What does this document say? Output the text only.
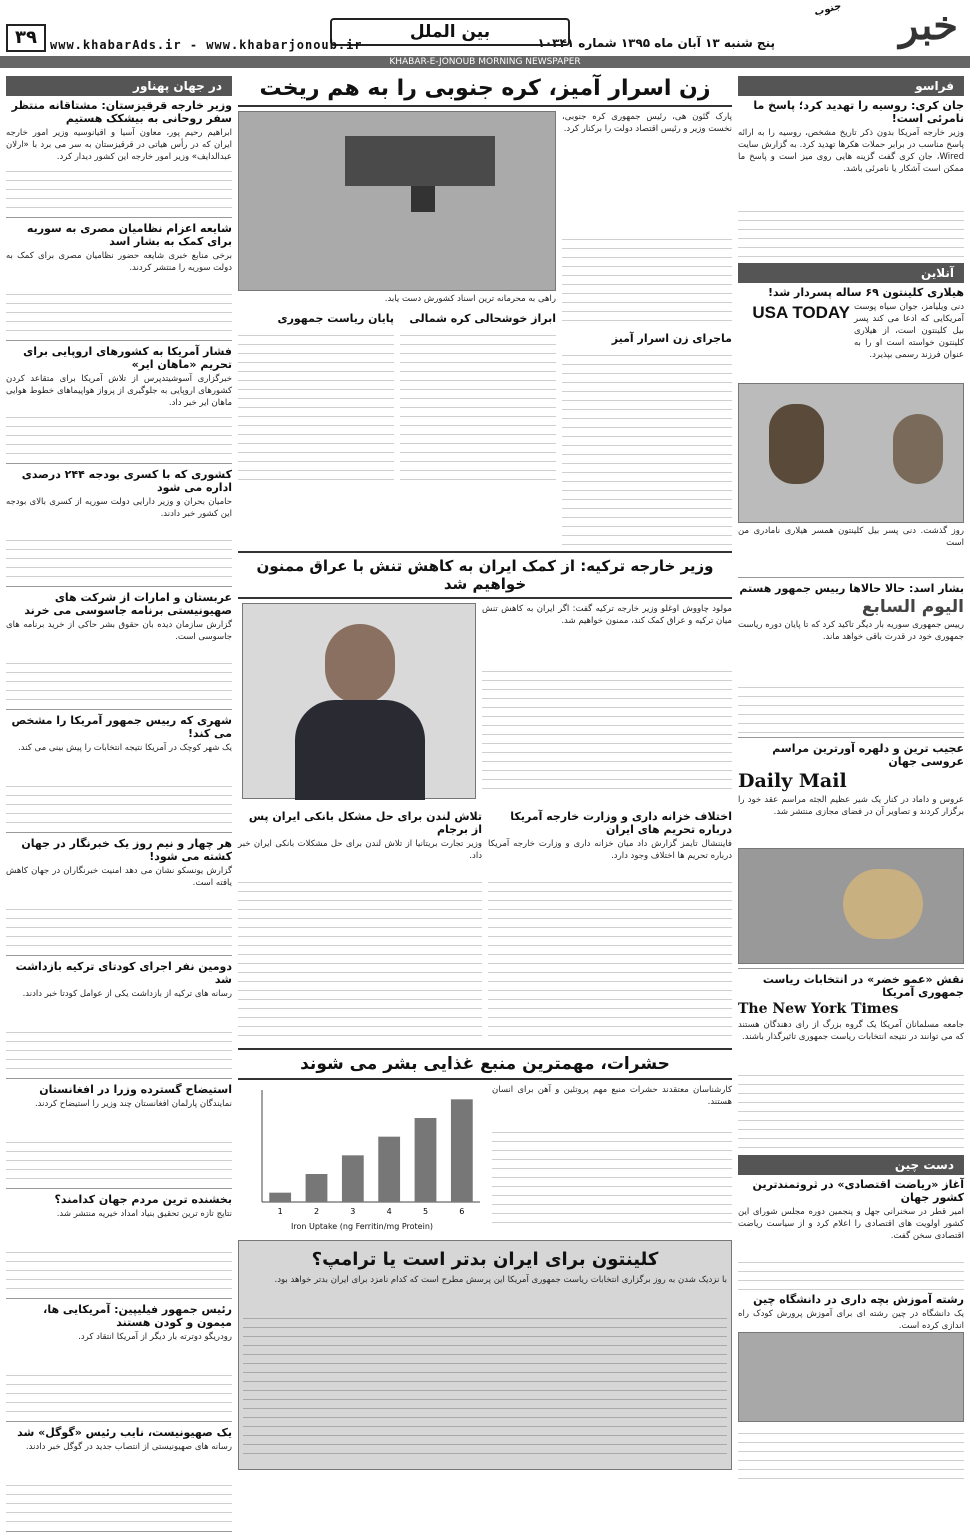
خبر
جنوب
پنج شنبه ۱۳ آبان ماه ۱۳۹۵ شماره ۱۰۳۴۱
بین الملل
www.khabarAds.ir - www.khabarjonoub.ir
۳۹
KHABAR-E-JONOUB MORNING NEWSPAPER
فراسو
جان کری: روسیه را تهدید کرد؛ پاسخ ما نامرئی است!
وزیر خارجه آمریکا بدون ذکر تاریخ مشخص، روسیه را به ارائه پاسخ مناسب در برابر حملات هکرها تهدید کرد. به گزارش سایت Wired، جان کری گفت گزینه هایی روی میز است و پاسخ ما ممکن است آشکار یا نامرئی باشد.
آنلاین
هیلاری کلینتون ۶۹ ساله پسردار شد!
دنی ویلیامز، جوان سیاه پوست آمریکایی که ادعا می کند پسر بیل کلینتون است، از هیلاری کلینتون خواسته است او را به عنوان فرزند رسمی بپذیرد.
USA TODAY
روز گذشت. دنی پسر بیل کلینتون همسر هیلاری نامادری من است
بشار اسد: حالا حالاها رییس جمهور هستم
اليوم السابع
رییس جمهوری سوریه بار دیگر تاکید کرد که تا پایان دوره ریاست جمهوری خود در قدرت باقی خواهد ماند.
عجیب ترین و دلهره آورترین مراسم عروسی جهان
Daily Mail
عروس و داماد در کنار یک شیر عظیم الجثه مراسم عقد خود را برگزار کردند و تصاویر آن در فضای مجازی منتشر شد.
نقش «عمو خضر» در انتخابات ریاست جمهوری آمریکا
The New York Times
جامعه مسلمانان آمریکا یک گروه بزرگ از رای دهندگان هستند که می توانند در نتیجه انتخابات ریاست جمهوری تاثیرگذار باشند.
دست چین
آغاز «ریاضت اقتصادی» در ثروتمندترین کشور جهان
امیر قطر در سخنرانی جهل و پنجمین دوره مجلس شورای این کشور اولویت های اقتصادی را اعلام کرد و از سیاست ریاضت اقتصادی سخن گفت.
رشته آموزش بچه داری در دانشگاه چین
یک دانشگاه در چین رشته ای برای آموزش پرورش کودک راه اندازی کرده است.
در جهان پهناور
وزیر خارجه قرقیزستان: مشتاقانه منتظر سفر روحانی به بیشکک هستیم
ابراهیم رحیم پور، معاون آسیا و اقیانوسیه وزیر امور خارجه ایران که در رأس هیاتی در قرقیزستان به سر می برد با «ارلان عبدالدایف» وزیر امور خارجه این کشور دیدار کرد.
شایعه اعزام نظامیان مصری به سوریه برای کمک به بشار اسد
برخی منابع خبری شایعه حضور نظامیان مصری برای کمک به دولت سوریه را منتشر کردند.
فشار آمریکا به کشورهای اروپایی برای تحریم «ماهان ایر»
خبرگزاری آسوشیتدپرس از تلاش آمریکا برای متقاعد کردن کشورهای اروپایی به جلوگیری از پرواز هواپیماهای خطوط هوایی ماهان ایر خبر داد.
کشوری که با کسری بودجه ۲۴۴ درصدی اداره می شود
حامیان بحران و وزیر دارایی دولت سوریه از کسری بالای بودجه این کشور خبر دادند.
عربستان و امارات از شرکت های صهیونیستی برنامه جاسوسی می خرند
گزارش سازمان دیده بان حقوق بشر حاکی از خرید برنامه های جاسوسی است.
شهری که رییس جمهور آمریکا را مشخص می کند!
یک شهر کوچک در آمریکا نتیجه انتخابات را پیش بینی می کند.
هر چهار و نیم روز یک خبرنگار در جهان کشته می شود!
گزارش یونسکو نشان می دهد امنیت خبرنگاران در جهان کاهش یافته است.
دومین نفر اجرای کودتای ترکیه بازداشت شد
رسانه های ترکیه از بازداشت یکی از عوامل کودتا خبر دادند.
استیضاح گسترده وزرا در افغانستان
نمایندگان پارلمان افغانستان چند وزیر را استیضاح کردند.
بخشنده ترین مردم جهان کدامند؟
نتایج تازه ترین تحقیق بنیاد امداد خیریه منتشر شد.
رئیس جمهور فیلیپین: آمریکایی ها، میمون و کودن هستند
رودریگو دوترته بار دیگر از آمریکا انتقاد کرد.
یک صهیونیست، نایب رئیس «گوگل» شد
رسانه های صهیونیستی از انتصاب جدید در گوگل خبر دادند.
زن اسرار آمیز، کره جنوبی را به هم ریخت
پارک گئون هی، رئیس جمهوری کره جنوبی، نخست وزیر و رئیس اقتصاد دولت را برکنار کرد.
ماجرای زن اسرار آمیز
راهی به محرمانه ترین اسناد کشورش دست یابد.
ابراز خوشحالی کره شمالی
پایان ریاست جمهوری
وزیر خارجه ترکیه: از کمک ایران به کاهش تنش با عراق ممنون خواهیم شد
مولود چاووش اوغلو وزیر خارجه ترکیه گفت: اگر ایران به کاهش تنش میان ترکیه و عراق کمک کند، ممنون خواهیم شد.
اختلاف خزانه داری و وزارت خارجه آمریکا درباره تحریم های ایران
فایننشال تایمز گزارش داد میان خزانه داری و وزارت خارجه آمریکا درباره تحریم ها اختلاف وجود دارد.
تلاش لندن برای حل مشکل بانکی ایران پس از برجام
وزیر تجارت بریتانیا از تلاش لندن برای حل مشکلات بانکی ایران خبر داد.
حشرات، مهمترین منبع غذایی بشر می شوند
کارشناسان معتقدند حشرات منبع مهم پروتئین و آهن برای انسان هستند.
1	2	3	4	5	6
Iron Uptake (ng Ferritin/mg Protein)
کلینتون برای ایران بدتر است یا ترامپ؟
با نزدیک شدن به روز برگزاری انتخابات ریاست جمهوری آمریکا این پرسش مطرح است که کدام نامزد برای ایران بدتر خواهد بود.
